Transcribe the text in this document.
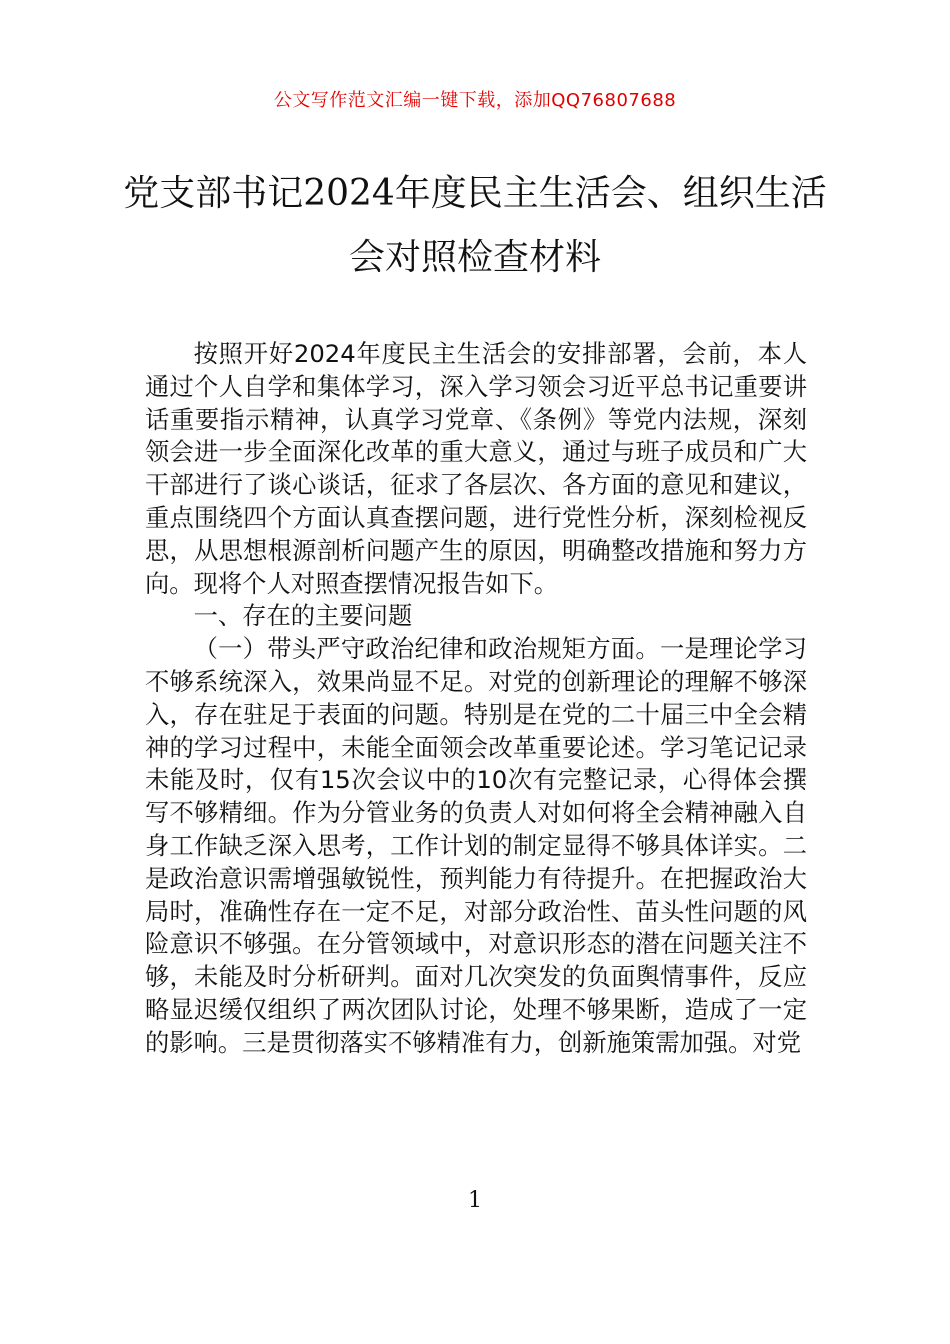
公文写作范文汇编一键下载，添加QQ76807688
党支部书记2024年度民主生活会、组织生活会对照检查材料

按照开好2024年度民主生活会的安排部署，会前，本人通过个人自学和集体学习，深入学习领会习近平总书记重要讲话重要指示精神，认真学习党章、《条例》等党内法规，深刻领会进一步全面深化改革的重大意义，通过与班子成员和广大干部进行了谈心谈话，征求了各层次、各方面的意见和建议，重点围绕四个方面认真查摆问题，进行党性分析，深刻检视反思，从思想根源剖析问题产生的原因，明确整改措施和努力方向。现将个人对照查摆情况报告如下。

一、存在的主要问题

（一）带头严守政治纪律和政治规矩方面。一是理论学习不够系统深入，效果尚显不足。对党的创新理论的理解不够深入，存在驻足于表面的问题。特别是在党的二十届三中全会精神的学习过程中，未能全面领会改革重要论述。学习笔记记录未能及时，仅有15次会议中的10次有完整记录，心得体会撰写不够精细。作为分管业务的负责人对如何将全会精神融入自身工作缺乏深入思考，工作计划的制定显得不够具体详实。二是政治意识需增强敏锐性，预判能力有待提升。在把握政治大局时，准确性存在一定不足，对部分政治性、苗头性问题的风险意识不够强。在分管领域中，对意识形态的潜在问题关注不够，未能及时分析研判。面对几次突发的负面舆情事件，反应略显迟缓仅组织了两次团队讨论，处理不够果断，造成了一定的影响。三是贯彻落实不够精准有力，创新施策需加强。对党

1
